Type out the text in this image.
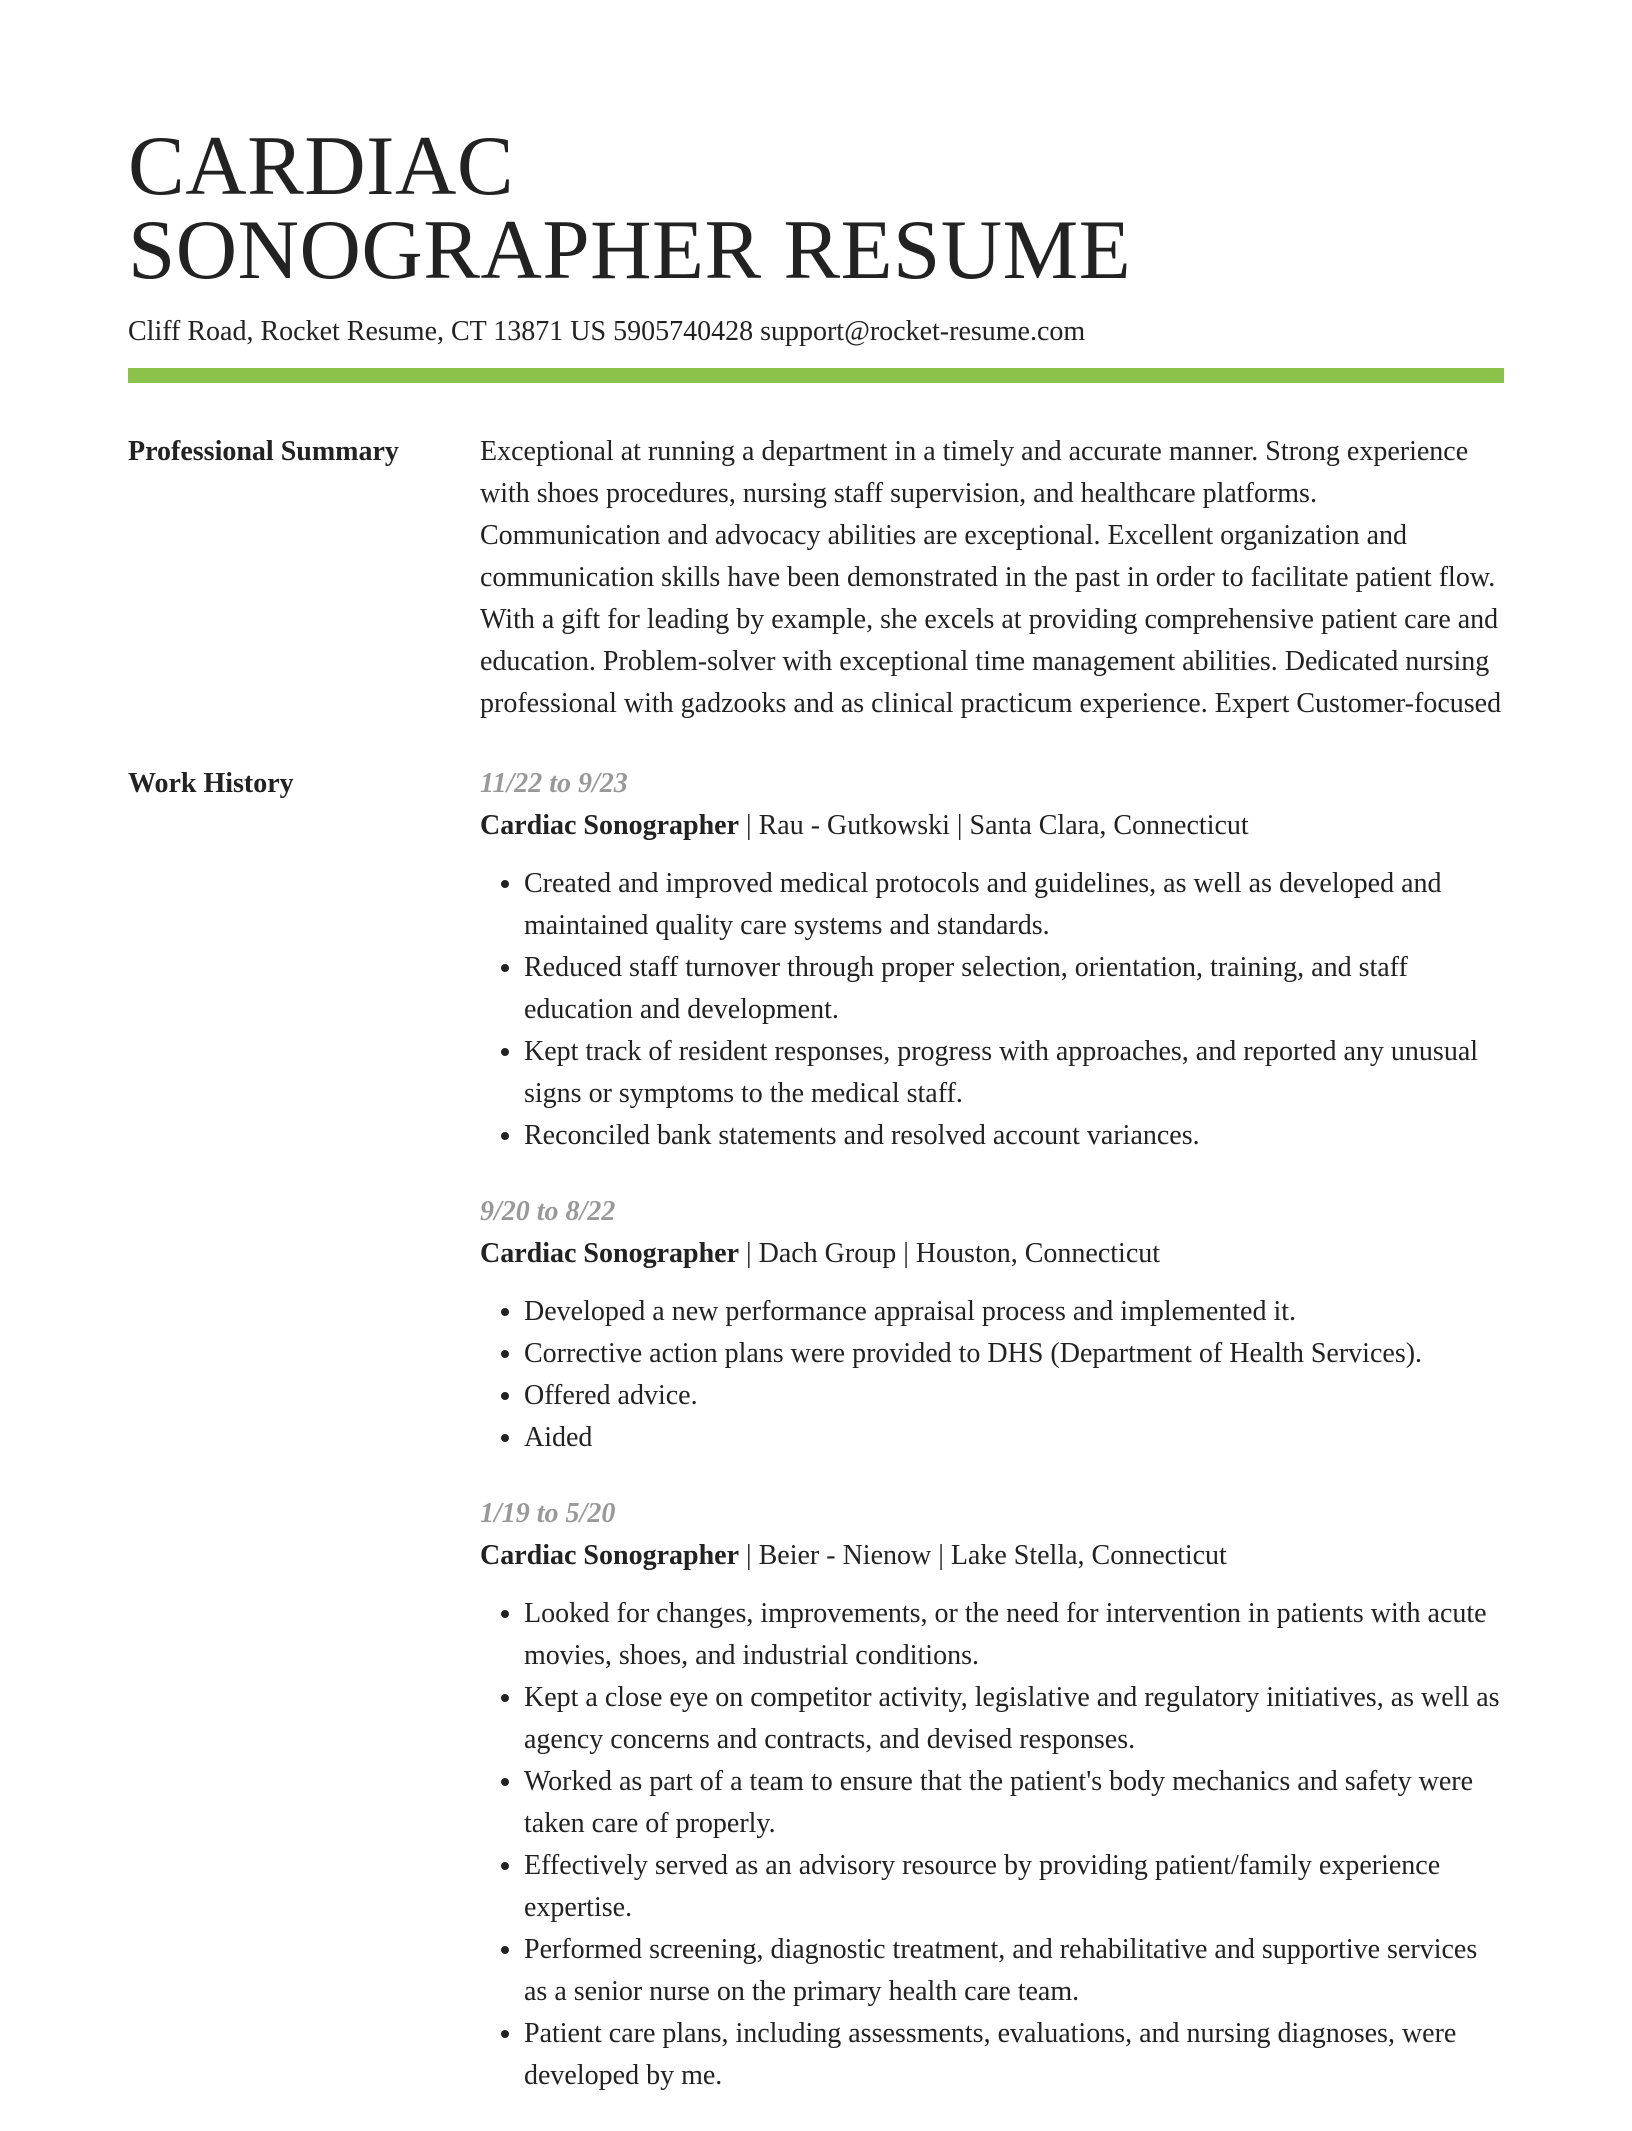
CARDIAC
SONOGRAPHER RESUME
Cliff Road, Rocket Resume, CT 13871 US 5905740428 support@rocket-resume.com
Professional Summary	Exceptional at running a department in a timely and accurate manner. Strong experience with shoes procedures, nursing staff supervision, and healthcare platforms. Communication and advocacy abilities are exceptional. Excellent organization and communication skills have been demonstrated in the past in order to facilitate patient flow. With a gift for leading by example, she excels at providing comprehensive patient care and education. Problem-solver with exceptional time management abilities. Dedicated nursing professional with gadzooks and as clinical practicum experience. Expert Customer-focused

Work History	11/22 to 9/23
Cardiac Sonographer | Rau - Gutkowski | Santa Clara, Connecticut
• Created and improved medical protocols and guidelines, as well as developed and maintained quality care systems and standards.
• Reduced staff turnover through proper selection, orientation, training, and staff education and development.
• Kept track of resident responses, progress with approaches, and reported any unusual signs or symptoms to the medical staff.
• Reconciled bank statements and resolved account variances.
9/20 to 8/22
Cardiac Sonographer | Dach Group | Houston, Connecticut
• Developed a new performance appraisal process and implemented it.
• Corrective action plans were provided to DHS (Department of Health Services).
• Offered advice.
• Aided
1/19 to 5/20
Cardiac Sonographer | Beier - Nienow | Lake Stella, Connecticut
• Looked for changes, improvements, or the need for intervention in patients with acute movies, shoes, and industrial conditions.
• Kept a close eye on competitor activity, legislative and regulatory initiatives, as well as agency concerns and contracts, and devised responses.
• Worked as part of a team to ensure that the patient's body mechanics and safety were taken care of properly.
• Effectively served as an advisory resource by providing patient/family experience expertise.
• Performed screening, diagnostic treatment, and rehabilitative and supportive services as a senior nurse on the primary health care team.
• Patient care plans, including assessments, evaluations, and nursing diagnoses, were developed by me.
